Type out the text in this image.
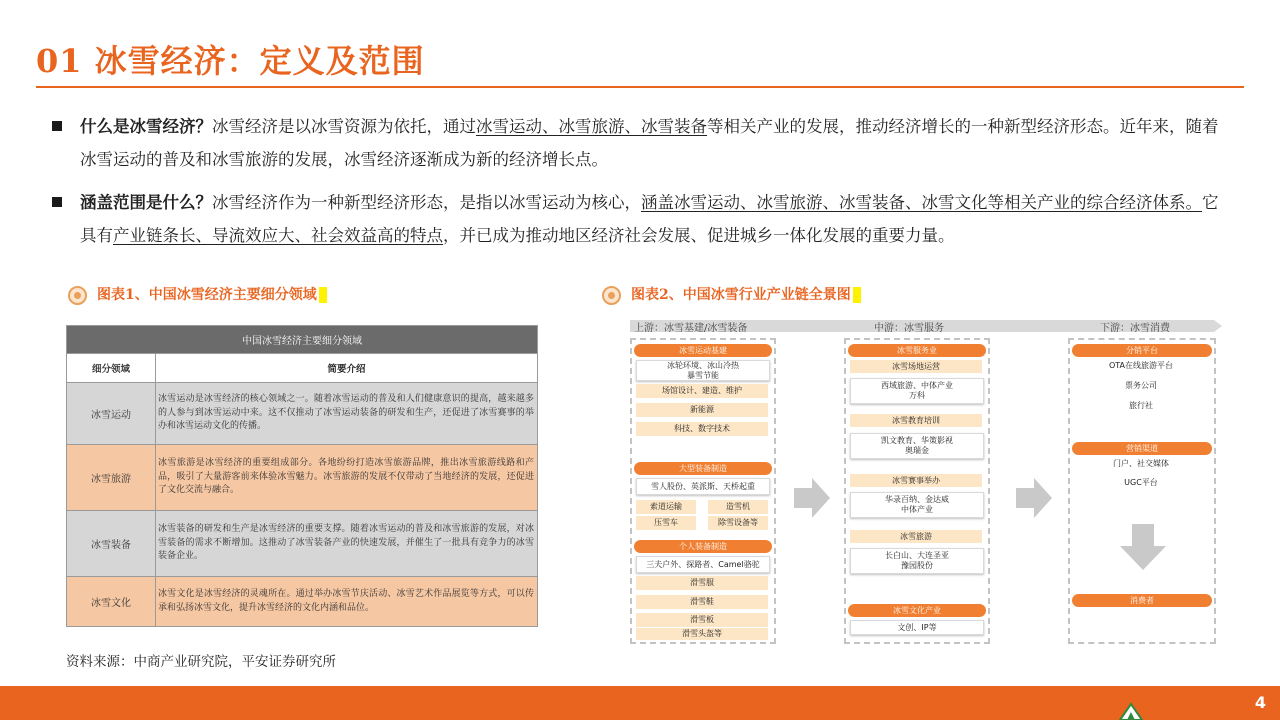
01 冰雪经济：定义及范围
什么是冰雪经济？冰雪经济是以冰雪资源为依托，通过冰雪运动、冰雪旅游、冰雪装备等相关产业的发展，推动经济增长的一种新型经济形态。近年来，随着冰雪运动的普及和冰雪旅游的发展，冰雪经济逐渐成为新的经济增长点。
涵盖范围是什么？冰雪经济作为一种新型经济形态，是指以冰雪运动为核心，涵盖冰雪运动、冰雪旅游、冰雪装备、冰雪文化等相关产业的综合经济体系。它具有产业链条长、导流效应大、社会效益高的特点，并已成为推动地区经济社会发展、促进城乡一体化发展的重要力量。
图表1、中国冰雪经济主要细分领域
中国冰雪经济主要细分领域	
细分领域	简要介绍
冰雪运动	冰雪运动是冰雪经济的核心领域之一。随着冰雪运动的普及和人们健康意识的提高，越来越多的人参与到冰雪运动中来。这不仅推动了冰雪运动装备的研发和生产，还促进了冰雪赛事的举办和冰雪运动文化的传播。
冰雪旅游	冰雪旅游是冰雪经济的重要组成部分。各地纷纷打造冰雪旅游品牌，推出冰雪旅游线路和产品，吸引了大量游客前来体验冰雪魅力。冰雪旅游的发展不仅带动了当地经济的发展，还促进了文化交流与融合。
冰雪装备	冰雪装备的研发和生产是冰雪经济的重要支撑。随着冰雪运动的普及和冰雪旅游的发展，对冰雪装备的需求不断增加。这推动了冰雪装备产业的快速发展，并催生了一批具有竞争力的冰雪装备企业。
冰雪文化	冰雪文化是冰雪经济的灵魂所在。通过举办冰雪节庆活动、冰雪艺术作品展览等方式，可以传承和弘扬冰雪文化，提升冰雪经济的文化内涵和品位。
资料来源：中商产业研究院，平安证券研究所
图表2、中国冰雪行业产业链全景图
上游：冰雪基建/冰雪装备	中游：冰雪服务	下游：冰雪消费
冰雪运动基建
冰轮环境、冰山冷热
暴雪节能
场馆设计、建造、维护
新能源
科技、数字技术
大型装备制造
雪人股份、英派斯、天桥起重
索道运输	造雪机
压雪车	除雪设备等
个人装备制造
三夫户外、探路者、Camel骆驼
滑雪服
滑雪鞋
滑雪板
滑雪头盔等
冰雪服务业
冰雪场地运营
西域旅游、中体产业
万科
冰雪教育培训
凯文教育、华策影视
奥瑞金
冰雪赛事举办
华录百纳、金达威
中体产业
冰雪旅游
长白山、大连圣亚
豫园股份
冰雪文化产业
文创、IP等
分销平台
OTA在线旅游平台
票务公司
旅行社
营销渠道
门户、社交媒体
UGC平台
消费者
4
